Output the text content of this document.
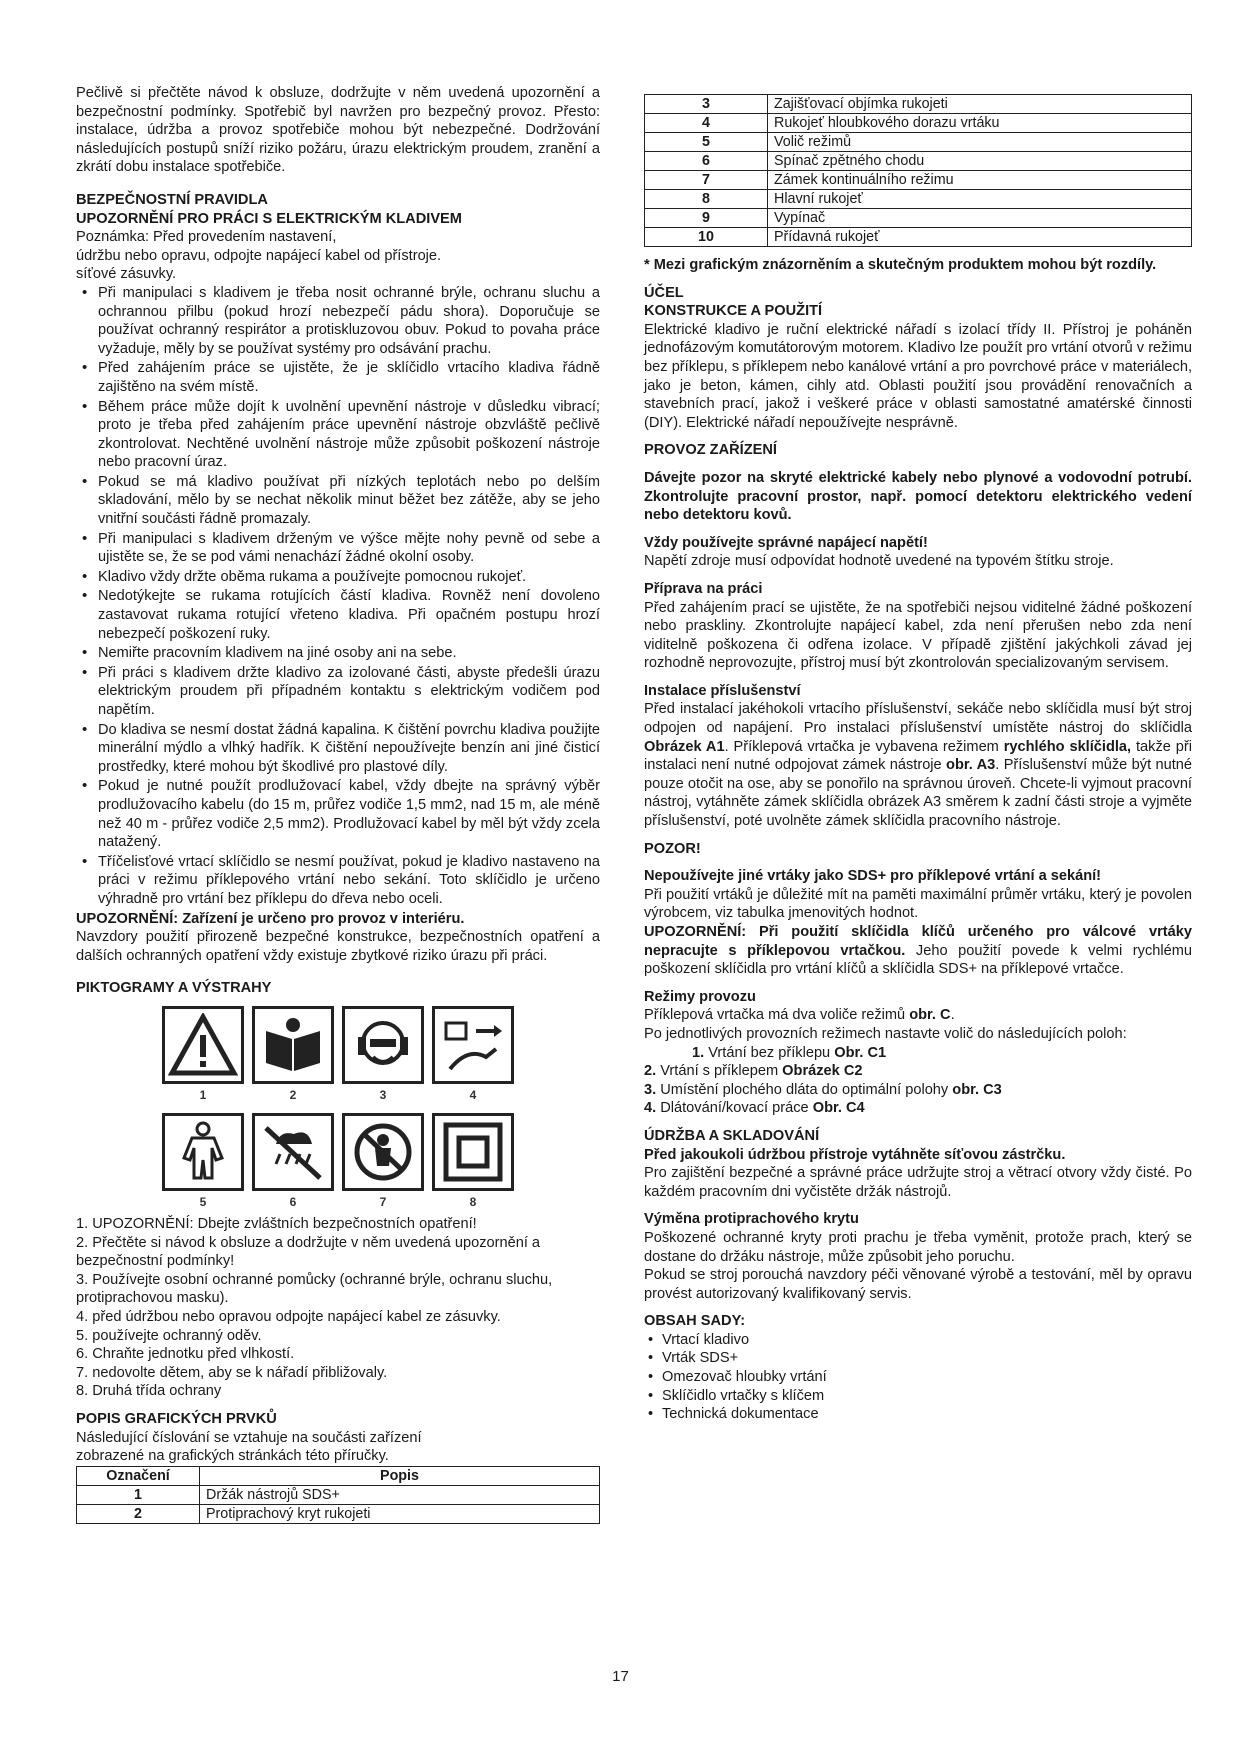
Pečlivě si přečtěte návod k obsluze, dodržujte v něm uvedená upozornění a bezpečnostní podmínky. Spotřebič byl navržen pro bezpečný provoz. Přesto: instalace, údržba a provoz spotřebiče mohou být nebezpečné. Dodržování následujících postupů sníží riziko požáru, úrazu elektrickým proudem, zranění a zkrátí dobu instalace spotřebiče.

BEZPEČNOSTNÍ PRAVIDLA

UPOZORNĚNÍ PRO PRÁCI S ELEKTRICKÝM KLADIVEM

Poznámka: Před provedením nastavení,

údržbu nebo opravu, odpojte napájecí kabel od přístroje.

síťové zásuvky.

• Při manipulaci s kladivem je třeba nosit ochranné brýle, ochranu sluchu a ochrannou přilbu (pokud hrozí nebezpečí pádu shora). Doporučuje se používat ochranný respirátor a protiskluzovou obuv. Pokud to povaha práce vyžaduje, měly by se používat systémy pro odsávání prachu.
• Před zahájením práce se ujistěte, že je sklíčidlo vrtacího kladiva řádně zajištěno na svém místě.
• Během práce může dojít k uvolnění upevnění nástroje v důsledku vibrací; proto je třeba před zahájením práce upevnění nástroje obzvláště pečlivě zkontrolovat. Nechtěné uvolnění nástroje může způsobit poškození nástroje nebo pracovní úraz.
• Pokud se má kladivo používat při nízkých teplotách nebo po delším skladování, mělo by se nechat několik minut běžet bez zátěže, aby se jeho vnitřní součásti řádně promazaly.
• Při manipulaci s kladivem drženým ve výšce mějte nohy pevně od sebe a ujistěte se, že se pod vámi nenachází žádné okolní osoby.
• Kladivo vždy držte oběma rukama a používejte pomocnou rukojeť.
• Nedotýkejte se rukama rotujících částí kladiva. Rovněž není dovoleno zastavovat rukama rotující vřeteno kladiva. Při opačném postupu hrozí nebezpečí poškození ruky.
• Nemiřte pracovním kladivem na jiné osoby ani na sebe.
• Při práci s kladivem držte kladivo za izolované části, abyste předešli úrazu elektrickým proudem při případném kontaktu s elektrickým vodičem pod napětím.
• Do kladiva se nesmí dostat žádná kapalina. K čištění povrchu kladiva použijte minerální mýdlo a vlhký hadřík. K čištění nepoužívejte benzín ani jiné čisticí prostředky, které mohou být škodlivé pro plastové díly.
• Pokud je nutné použít prodlužovací kabel, vždy dbejte na správný výběr prodlužovacího kabelu (do 15 m, průřez vodiče 1,5 mm2, nad 15 m, ale méně než 40 m - průřez vodiče 2,5 mm2). Prodlužovací kabel by měl být vždy zcela natažený.
• Tříčelisťové vrtací sklíčidlo se nesmí používat, pokud je kladivo nastaveno na práci v režimu příklepového vrtání nebo sekání. Toto sklíčidlo je určeno výhradně pro vrtání bez příklepu do dřeva nebo oceli.

UPOZORNĚNÍ: Zařízení je určeno pro provoz v interiéru.

Navzdory použití přirozeně bezpečné konstrukce, bezpečnostních opatření a dalších ochranných opatření vždy existuje zbytkové riziko úrazu při práci.

PIKTOGRAMY A VÝSTRAHY

1	2	3	4
5	6	7	8

1. UPOZORNĚNÍ: Dbejte zvláštních bezpečnostních opatření!

2. Přečtěte si návod k obsluze a dodržujte v něm uvedená upozornění a bezpečnostní podmínky!

3. Používejte osobní ochranné pomůcky (ochranné brýle, ochranu sluchu, protiprachovou masku).

4. před údržbou nebo opravou odpojte napájecí kabel ze zásuvky.

5. používejte ochranný oděv.

6. Chraňte jednotku před vlhkostí.

7. nedovolte dětem, aby se k nářadí přibližovaly.

8. Druhá třída ochrany

POPIS GRAFICKÝCH PRVKŮ

Následující číslování se vztahuje na součásti zařízení

zobrazené na grafických stránkách této příručky.

Označení	Popis
1	Držák nástrojů SDS+
2	Protiprachový kryt rukojeti
3	Zajišťovací objímka rukojeti
4	Rukojeť hloubkového dorazu vrtáku
5	Volič režimů
6	Spínač zpětného chodu
7	Zámek kontinuálního režimu
8	Hlavní rukojeť
9	Vypínač
10	Přídavná rukojeť

* Mezi grafickým znázorněním a skutečným produktem mohou být rozdíly.

ÚČEL

KONSTRUKCE A POUŽITÍ

Elektrické kladivo je ruční elektrické nářadí s izolací třídy II. Přístroj je poháněn jednofázovým komutátorovým motorem. Kladivo lze použít pro vrtání otvorů v režimu bez příklepu, s příklepem nebo kanálové vrtání a pro povrchové práce v materiálech, jako je beton, kámen, cihly atd. Oblasti použití jsou provádění renovačních a stavebních prací, jakož i veškeré práce v oblasti samostatné amatérské činnosti (DIY). Elektrické nářadí nepoužívejte nesprávně.

PROVOZ ZAŘÍZENÍ

Dávejte pozor na skryté elektrické kabely nebo plynové a vodovodní potrubí. Zkontrolujte pracovní prostor, např. pomocí detektoru elektrického vedení nebo detektoru kovů.

Vždy používejte správné napájecí napětí!

Napětí zdroje musí odpovídat hodnotě uvedené na typovém štítku stroje.

Příprava na práci

Před zahájením prací se ujistěte, že na spotřebiči nejsou viditelné žádné poškození nebo praskliny. Zkontrolujte napájecí kabel, zda není přerušen nebo zda není viditelně poškozena či odřena izolace. V případě zjištění jakýchkoli závad jej rozhodně neprovozujte, přístroj musí být zkontrolován specializovaným servisem.

Instalace příslušenství

Před instalací jakéhokoli vrtacího příslušenství, sekáče nebo sklíčidla musí být stroj odpojen od napájení. Pro instalaci příslušenství umístěte nástroj do sklíčidla Obrázek A1. Příklepová vrtačka je vybavena režimem rychlého sklíčidla, takže při instalaci není nutné odpojovat zámek nástroje obr. A3. Příslušenství může být nutné pouze otočit na ose, aby se ponořilo na správnou úroveň. Chcete-li vyjmout pracovní nástroj, vytáhněte zámek sklíčidla obrázek A3 směrem k zadní části stroje a vyjměte příslušenství, poté uvolněte zámek sklíčidla pracovního nástroje.

POZOR!

Nepoužívejte jiné vrtáky jako SDS+ pro příklepové vrtání a sekání!

Při použití vrtáků je důležité mít na paměti maximální průměr vrtáku, který je povolen výrobcem, viz tabulka jmenovitých hodnot.

UPOZORNĚNÍ: Při použití sklíčidla klíčů určeného pro válcové vrtáky nepracujte s příklepovou vrtačkou. Jeho použití povede k velmi rychlému poškození sklíčidla pro vrtání klíčů a sklíčidla SDS+ na příklepové vrtačce.

Režimy provozu

Příklepová vrtačka má dva voliče režimů obr. C.

Po jednotlivých provozních režimech nastavte volič do následujících poloh:

1. Vrtání bez příklepu Obr. C1

2. Vrtání s příklepem Obrázek C2

3. Umístění plochého dláta do optimální polohy obr. C3

4. Dlátování/kovací práce Obr. C4

ÚDRŽBA A SKLADOVÁNÍ

Před jakoukoli údržbou přístroje vytáhněte síťovou zástrčku.

Pro zajištění bezpečné a správné práce udržujte stroj a větrací otvory vždy čisté. Po každém pracovním dni vyčistěte držák nástrojů.

Výměna protiprachového krytu

Poškozené ochranné kryty proti prachu je třeba vyměnit, protože prach, který se dostane do držáku nástroje, může způsobit jeho poruchu.

Pokud se stroj porouchá navzdory péči věnované výrobě a testování, měl by opravu provést autorizovaný kvalifikovaný servis.

OBSAH SADY:

• Vrtací kladivo
• Vrták SDS+
• Omezovač hloubky vrtání
• Sklíčidlo vrtačky s klíčem
• Technická dokumentace
17
